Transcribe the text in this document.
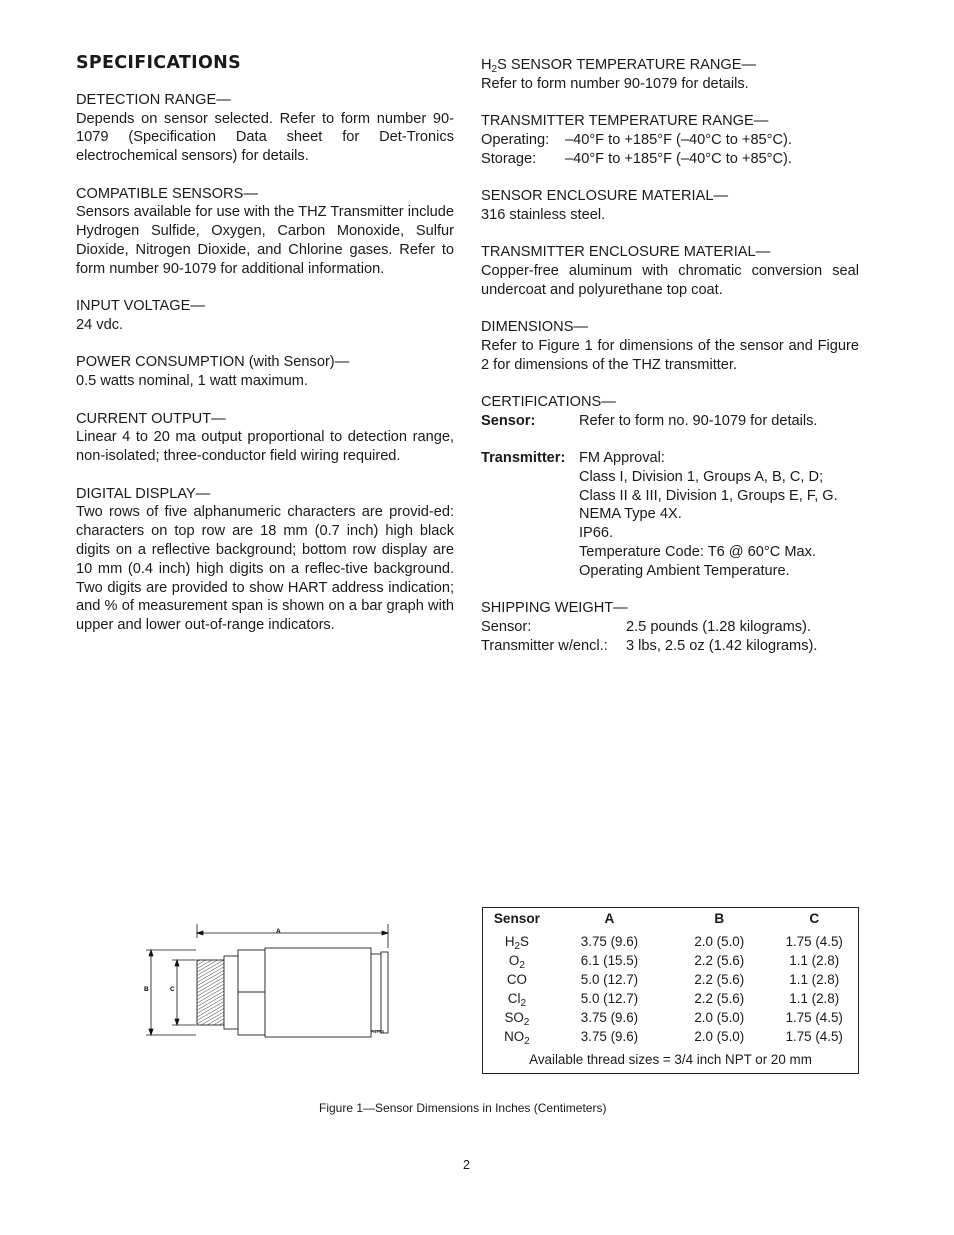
SPECIFICATIONS
DETECTION RANGE—
Depends on sensor selected. Refer to form number 90-1079 (Specification Data sheet for Det-Tronics electrochemical sensors) for details.
COMPATIBLE SENSORS—
Sensors available for use with the THZ Transmitter include Hydrogen Sulfide, Oxygen, Carbon Monoxide, Sulfur Dioxide, Nitrogen Dioxide, and Chlorine gases. Refer to form number 90-1079 for additional information.
INPUT VOLTAGE—
24 vdc.
POWER CONSUMPTION (with Sensor)—
0.5 watts nominal, 1 watt maximum.
CURRENT OUTPUT—
Linear 4 to 20 ma output proportional to detection range, non-isolated; three-conductor field wiring required.
DIGITAL DISPLAY—
Two rows of five alphanumeric characters are provid-ed: characters on top row are 18 mm (0.7 inch) high black digits on a reflective background; bottom row display are 10 mm (0.4 inch) high digits on a reflec-tive background. Two digits are provided to show HART address indication; and % of measurement span is shown on a bar graph with upper and lower out-of-range indicators.
$H_2S$ SENSOR TEMPERATURE RANGE—
Refer to form number 90-1079 for details.
TRANSMITTER TEMPERATURE RANGE—
Operating:	–40°F to +185°F (–40°C to +85°C).
Storage:	–40°F to +185°F (–40°C to +85°C).
SENSOR ENCLOSURE MATERIAL—
316 stainless steel.
TRANSMITTER ENCLOSURE MATERIAL—
Copper-free aluminum with chromatic conversion seal undercoat and polyurethane top coat.
DIMENSIONS—
Refer to Figure 1 for dimensions of the sensor and Figure 2 for dimensions of the THZ transmitter.
CERTIFICATIONS—
Sensor:	Refer to form no. 90-1079 for details.
Transmitter: FM Approval:
Class I, Division 1, Groups A, B, C, D;
Class II & III, Division 1, Groups E, F, G.
NEMA Type 4X.
IP66.
Temperature Code: T6 @ 60°C Max.
Operating Ambient Temperature.
SHIPPING WEIGHT—
Sensor:	2.5 pounds (1.28 kilograms).
Transmitter w/encl.:	3 lbs, 2.5 oz (1.42 kilograms).
A
B	C
A1708
Sensor	A	B	C
$H_2S$	3.75 (9.6)	2.0 (5.0)	1.75 (4.5)
$O_2$	6.1 (15.5)	2.2 (5.6)	1.1 (2.8)
CO	5.0 (12.7)	2.2 (5.6)	1.1 (2.8)
$Cl_2$	5.0 (12.7)	2.2 (5.6)	1.1 (2.8)
$SO_2$	3.75 (9.6)	2.0 (5.0)	1.75 (4.5)
$NO_2$	3.75 (9.6)	2.0 (5.0)	1.75 (4.5)
Available thread sizes = 3/4 inch NPT or 20 mm
Figure 1—Sensor Dimensions in Inches (Centimeters)
2
